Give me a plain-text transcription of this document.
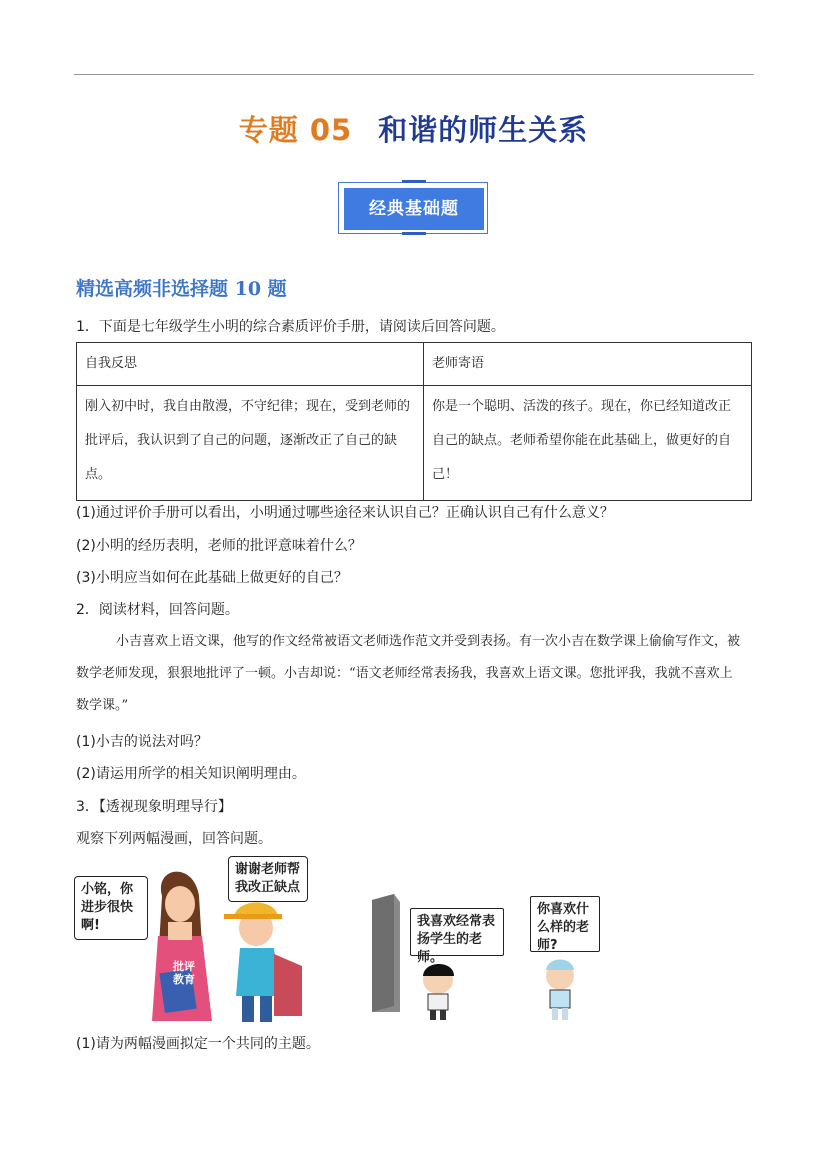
专题 05 和谐的师生关系
经典基础题
精选高频非选择题 10 题
1．下面是七年级学生小明的综合素质评价手册，请阅读后回答问题。
自我反思	老师寄语
刚入初中时，我自由散漫，不守纪律；现在，受到老师的批评后，我认识到了自己的问题，逐渐改正了自己的缺点。	你是一个聪明、活泼的孩子。现在，你已经知道改正自己的缺点。老师希望你能在此基础上，做更好的自己！
(1)通过评价手册可以看出，小明通过哪些途径来认识自己？正确认识自己有什么意义？
(2)小明的经历表明，老师的批评意味着什么？
(3)小明应当如何在此基础上做更好的自己？
2．阅读材料，回答问题。
小吉喜欢上语文课，他写的作文经常被语文老师选作范文并受到表扬。有一次小吉在数学课上偷偷写作文，被数学老师发现，狠狠地批评了一顿。小吉却说：“语文老师经常表扬我，我喜欢上语文课。您批评我，我就不喜欢上数学课。”
(1)小吉的说法对吗？
(2)请运用所学的相关知识阐明理由。
3．【透视现象明理导行】
观察下列两幅漫画，回答问题。
小铭，你进步很快啊!
谢谢老师帮我改正缺点
批评教育
我喜欢经常表扬学生的老师。
你喜欢什么样的老师?
(1)请为两幅漫画拟定一个共同的主题。
